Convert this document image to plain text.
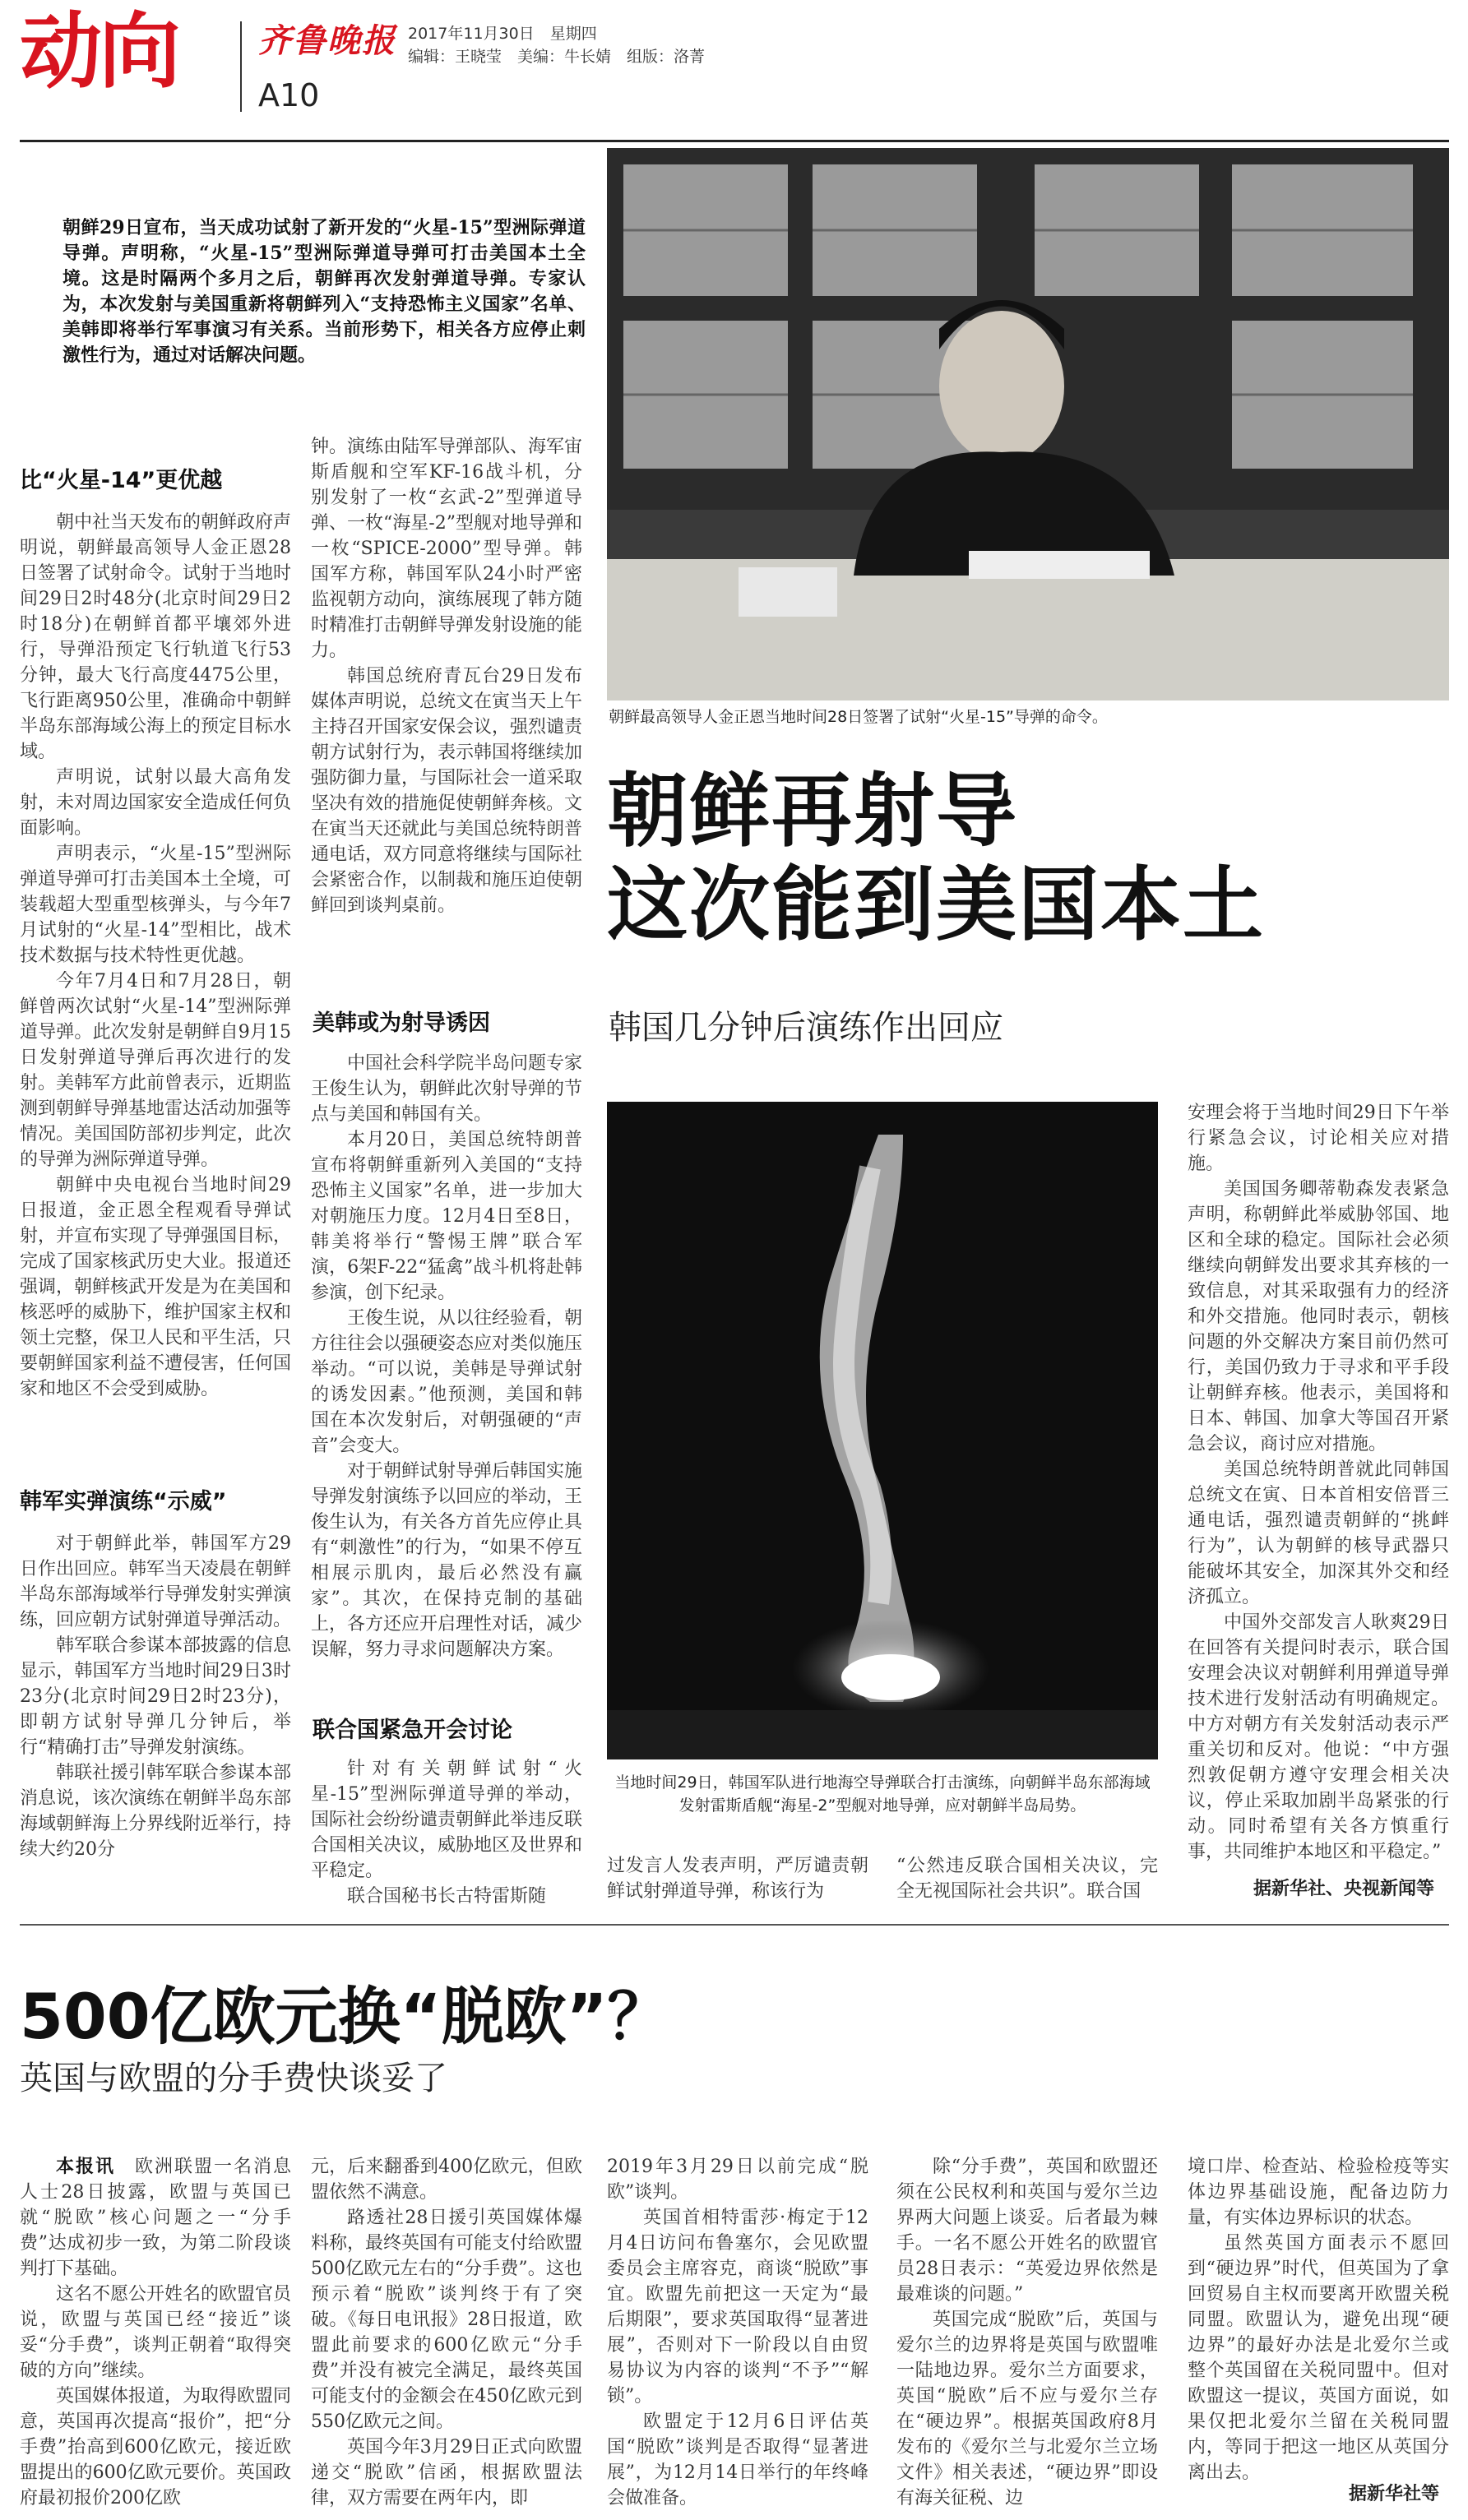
动向 齐鲁晚报
A10
2017年11月30日　星期四
编辑：王晓莹　美编：牛长婧　组版：洛菁
朝鲜29日宣布，当天成功试射了新开发的“火星-15”型洲际弹道导弹。声明称，“火星-15”型洲际弹道导弹可打击美国本土全境。这是时隔两个多月之后，朝鲜再次发射弹道导弹。专家认为，本次发射与美国重新将朝鲜列入“支持恐怖主义国家”名单、美韩即将举行军事演习有关系。当前形势下，相关各方应停止刺激性行为，通过对话解决问题。
朝鲜最高领导人金正恩当地时间28日签署了试射“火星-15”导弹的命令。
朝鲜再射导
这次能到美国本土
韩国几分钟后演练作出回应
比“火星-14”更优越

朝中社当天发布的朝鲜政府声明说，朝鲜最高领导人金正恩28日签署了试射命令。试射于当地时间29日2时48分(北京时间29日2时18分)在朝鲜首都平壤郊外进行，导弹沿预定飞行轨道飞行53分钟，最大飞行高度4475公里，飞行距离950公里，准确命中朝鲜半岛东部海域公海上的预定目标水域。

声明说，试射以最大高角发射，未对周边国家安全造成任何负面影响。

声明表示，“火星-15”型洲际弹道导弹可打击美国本土全境，可装载超大型重型核弹头，与今年7月试射的“火星-14”型相比，战术技术数据与技术特性更优越。

今年7月4日和7月28日，朝鲜曾两次试射“火星-14”型洲际弹道导弹。此次发射是朝鲜自9月15日发射弹道导弹后再次进行的发射。美韩军方此前曾表示，近期监测到朝鲜导弹基地雷达活动加强等情况。美国国防部初步判定，此次的导弹为洲际弹道导弹。

朝鲜中央电视台当地时间29日报道，金正恩全程观看导弹试射，并宣布实现了导弹强国目标，完成了国家核武历史大业。报道还强调，朝鲜核武开发是为在美国和核恶呼的威胁下，维护国家主权和领土完整，保卫人民和平生活，只要朝鲜国家利益不遭侵害，任何国家和地区不会受到威胁。

韩军实弹演练“示威”

对于朝鲜此举，韩国军方29日作出回应。韩军当天凌晨在朝鲜半岛东部海域举行导弹发射实弹演练，回应朝方试射弹道导弹活动。

韩军联合参谋本部披露的信息显示，韩国军方当地时间29日3时23分(北京时间29日2时23分)，即朝方试射导弹几分钟后，举行“精确打击”导弹发射演练。

韩联社援引韩军联合参谋本部消息说，该次演练在朝鲜半岛东部海域朝鲜海上分界线附近举行，持续大约20分

钟。演练由陆军导弹部队、海军宙斯盾舰和空军KF-16战斗机，分别发射了一枚“玄武-2”型弹道导弹、一枚“海星-2”型舰对地导弹和一枚“SPICE-2000”型导弹。韩国军方称，韩国军队24小时严密监视朝方动向，演练展现了韩方随时精准打击朝鲜导弹发射设施的能力。

韩国总统府青瓦台29日发布媒体声明说，总统文在寅当天上午主持召开国家安保会议，强烈谴责朝方试射行为，表示韩国将继续加强防御力量，与国际社会一道采取坚决有效的措施促使朝鲜奔核。文在寅当天还就此与美国总统特朗普通电话，双方同意将继续与国际社会紧密合作，以制裁和施压迫使朝鲜回到谈判桌前。

美韩或为射导诱因

中国社会科学院半岛问题专家王俊生认为，朝鲜此次射导弹的节点与美国和韩国有关。

本月20日，美国总统特朗普宣布将朝鲜重新列入美国的“支持恐怖主义国家”名单，进一步加大对朝施压力度。12月4日至8日，韩美将举行“警惕王牌”联合军演，6架F-22“猛禽”战斗机将赴韩参演，创下纪录。

王俊生说，从以往经验看，朝方往往会以强硬姿态应对类似施压举动。“可以说，美韩是导弹试射的诱发因素。”他预测，美国和韩国在本次发射后，对朝强硬的“声音”会变大。

对于朝鲜试射导弹后韩国实施导弹发射演练予以回应的举动，王俊生认为，有关各方首先应停止具有“刺激性”的行为，“如果不停互相展示肌肉，最后必然没有赢家”。其次，在保持克制的基础上，各方还应开启理性对话，减少误解，努力寻求问题解决方案。

联合国紧急开会讨论

针对有关朝鲜试射“火星-15”型洲际弹道导弹的举动，国际社会纷纷谴责朝鲜此举违反联合国相关决议，威胁地区及世界和平稳定。

联合国秘书长古特雷斯随

当地时间29日，韩国军队进行地海空导弹联合打击演练，向朝鲜半岛东部海域发射雷斯盾舰“海星-2”型舰对地导弹，应对朝鲜半岛局势。

过发言人发表声明，严厉谴责朝鲜试射弹道导弹，称该行为

“公然违反联合国相关决议，完全无视国际社会共识”。联合国

安理会将于当地时间29日下午举行紧急会议，讨论相关应对措施。

美国国务卿蒂勒森发表紧急声明，称朝鲜此举威胁邻国、地区和全球的稳定。国际社会必须继续向朝鲜发出要求其弃核的一致信息，对其采取强有力的经济和外交措施。他同时表示，朝核问题的外交解决方案目前仍然可行，美国仍致力于寻求和平手段让朝鲜弃核。他表示，美国将和日本、韩国、加拿大等国召开紧急会议，商讨应对措施。

美国总统特朗普就此同韩国总统文在寅、日本首相安倍晋三通电话，强烈谴责朝鲜的“挑衅行为”，认为朝鲜的核导武器只能破坏其安全，加深其外交和经济孤立。

中国外交部发言人耿爽29日在回答有关提问时表示，联合国安理会决议对朝鲜利用弹道导弹技术进行发射活动有明确规定。中方对朝方有关发射活动表示严重关切和反对。他说：“中方强烈敦促朝方遵守安理会相关决议，停止采取加剧半岛紧张的行动。同时希望有关各方慎重行事，共同维护本地区和平稳定。”

据新华社、央视新闻等
500亿欧元换“脱欧”？
英国与欧盟的分手费快谈妥了

本报讯　 欧洲联盟一名消息人士28日披露，欧盟与英国已就“脱欧”核心问题之一“分手费”达成初步一致，为第二阶段谈判打下基础。

这名不愿公开姓名的欧盟官员说，欧盟与英国已经“接近”谈妥“分手费”，谈判正朝着“取得突破的方向”继续。

英国媒体报道，为取得欧盟同意，英国再次提高“报价”，把“分手费”抬高到600亿欧元，接近欧盟提出的600亿欧元要价。英国政府最初报价200亿欧

元，后来翻番到400亿欧元，但欧盟依然不满意。

路透社28日援引英国媒体爆料称，最终英国有可能支付给欧盟500亿欧元左右的“分手费”。这也预示着“脱欧”谈判终于有了突破。《每日电讯报》28日报道，欧盟此前要求的600亿欧元“分手费”并没有被完全满足，最终英国可能支付的金额会在450亿欧元到550亿欧元之间。

英国今年3月29日正式向欧盟递交“脱欧”信函，根据欧盟法律，双方需要在两年内，即

2019年3月29日以前完成“脱欧”谈判。

英国首相特雷莎·梅定于12月4日访问布鲁塞尔，会见欧盟委员会主席容克，商谈“脱欧”事宜。欧盟先前把这一天定为“最后期限”，要求英国取得“显著进展”，否则对下一阶段以自由贸易协议为内容的谈判“不予”“解锁”。

欧盟定于12月6日评估英国“脱欧”谈判是否取得“显著进展”，为12月14日举行的年终峰会做准备。

除“分手费”，英国和欧盟还须在公民权利和英国与爱尔兰边界两大问题上谈妥。后者最为棘手。一名不愿公开姓名的欧盟官员28日表示：“英爱边界依然是最难谈的问题。”

英国完成“脱欧”后，英国与爱尔兰的边界将是英国与欧盟唯一陆地边界。爱尔兰方面要求，英国“脱欧”后不应与爱尔兰存在“硬边界”。根据英国政府8月发布的《爱尔兰与北爱尔兰立场文件》相关表述，“硬边界”即设有海关征税、边

境口岸、检查站、检验检疫等实体边界基础设施，配备边防力量，有实体边界标识的状态。

虽然英国方面表示不愿回到“硬边界”时代，但英国为了拿回贸易自主权而要离开欧盟关税同盟。欧盟认为，避免出现“硬边界”的最好办法是北爱尔兰或整个英国留在关税同盟中。但对欧盟这一提议，英国方面说，如果仅把北爱尔兰留在关税同盟内，等同于把这一地区从英国分离出去。

据新华社等
